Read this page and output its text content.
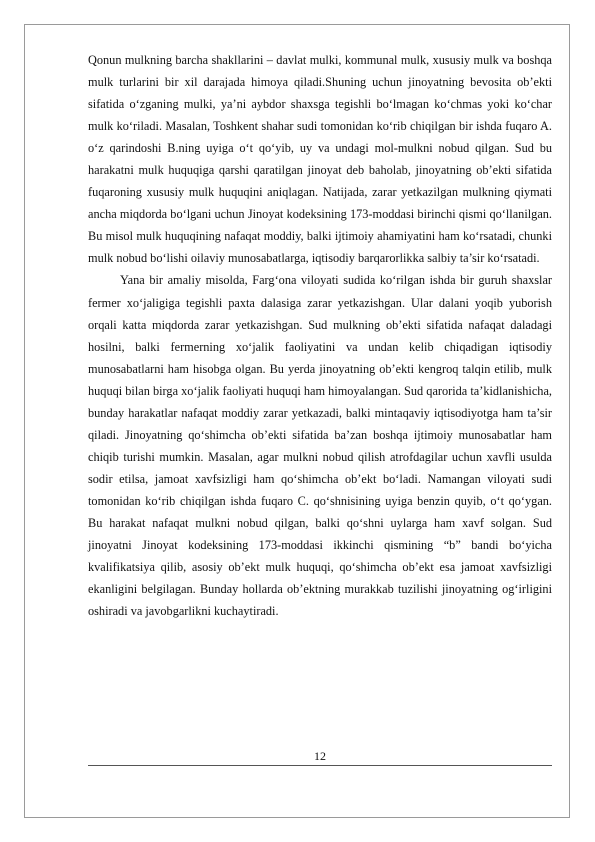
Qonun mulkning barcha shakllarini – davlat mulki, kommunal mulk, xususiy mulk va boshqa mulk turlarini bir xil darajada himoya qiladi.Shuning uchun jinoyatning bevosita ob’ekti sifatida o‘zganing mulki, ya’ni aybdor shaxsga tegishli bo‘lmagan ko‘chmas yoki ko‘char mulk ko‘riladi. Masalan, Toshkent shahar sudi tomonidan ko‘rib chiqilgan bir ishda fuqaro A. o‘z qarindoshi B.ning uyiga o‘t qo‘yib, uy va undagi mol-mulkni nobud qilgan. Sud bu harakatni mulk huquqiga qarshi qaratilgan jinoyat deb baholab, jinoyatning ob’ekti sifatida fuqaroning xususiy mulk huquqini aniqlagan. Natijada, zarar yetkazilgan mulkning qiymati ancha miqdorda bo‘lgani uchun Jinoyat kodeksining 173-moddasi birinchi qismi qo‘llanilgan. Bu misol mulk huquqining nafaqat moddiy, balki ijtimoiy ahamiyatini ham ko‘rsatadi, chunki mulk nobud bo‘lishi oilaviy munosabatlarga, iqtisodiy barqarorlikka salbiy ta’sir ko‘rsatadi.

Yana bir amaliy misolda, Farg‘ona viloyati sudida ko‘rilgan ishda bir guruh shaxslar fermer xo‘jaligiga tegishli paxta dalasiga zarar yetkazishgan. Ular dalani yoqib yuborish orqali katta miqdorda zarar yetkazishgan. Sud mulkning ob’ekti sifatida nafaqat daladagi hosilni, balki fermerning xo‘jalik faoliyatini va undan kelib chiqadigan iqtisodiy munosabatlarni ham hisobga olgan. Bu yerda jinoyatning ob’ekti kengroq talqin etilib, mulk huquqi bilan birga xo‘jalik faoliyati huquqi ham himoyalangan. Sud qarorida ta’kidlanishicha, bunday harakatlar nafaqat moddiy zarar yetkazadi, balki mintaqaviy iqtisodiyotga ham ta’sir qiladi. Jinoyatning qo‘shimcha ob’ekti sifatida ba’zan boshqa ijtimoiy munosabatlar ham chiqib turishi mumkin. Masalan, agar mulkni nobud qilish atrofdagilar uchun xavfli usulda sodir etilsa, jamoat xavfsizligi ham qo‘shimcha ob’ekt bo‘ladi. Namangan viloyati sudi tomonidan ko‘rib chiqilgan ishda fuqaro C. qo‘shnisining uyiga benzin quyib, o‘t qo‘ygan. Bu harakat nafaqat mulkni nobud qilgan, balki qo‘shni uylarga ham xavf solgan. Sud jinoyatni Jinoyat kodeksining 173-moddasi ikkinchi qismining “b” bandi bo‘yicha kvalifikatsiya qilib, asosiy ob’ekt mulk huquqi, qo‘shimcha ob’ekt esa jamoat xavfsizligi ekanligini belgilagan. Bunday hollarda ob’ektning murakkab tuzilishi jinoyatning og‘irligini oshiradi va javobgarlikni kuchaytiradi.

12
